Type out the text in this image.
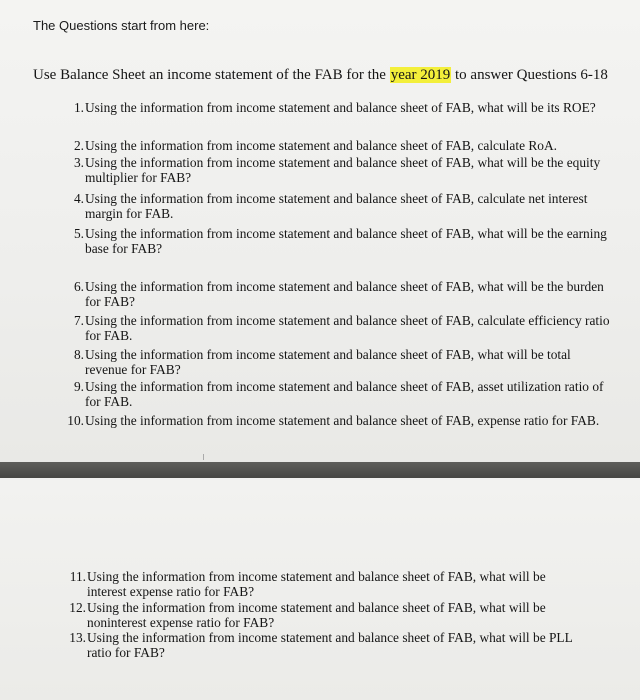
The Questions start from here:
Use Balance Sheet an income statement of the FAB for the year 2019 to answer Questions 6-18
1. Using the information from income statement and balance sheet of FAB, what will be its ROE?
2. Using the information from income statement and balance sheet of FAB, calculate RoA.
3. Using the information from income statement and balance sheet of FAB, what will be the equity multiplier for FAB?
4. Using the information from income statement and balance sheet of FAB, calculate net interest margin for FAB.
5. Using the information from income statement and balance sheet of FAB, what will be the earning base for FAB?
6. Using the information from income statement and balance sheet of FAB, what will be the burden for FAB?
7. Using the information from income statement and balance sheet of FAB, calculate efficiency ratio for FAB.
8. Using the information from income statement and balance sheet of FAB, what will be total revenue for FAB?
9. Using the information from income statement and balance sheet of FAB, asset utilization ratio of for FAB.
10. Using the information from income statement and balance sheet of FAB, expense ratio for FAB.
11. Using the information from income statement and balance sheet of FAB, what will be interest expense ratio for FAB?
12. Using the information from income statement and balance sheet of FAB, what will be noninterest expense ratio for FAB?
13. Using the information from income statement and balance sheet of FAB, what will be PLL ratio for FAB?
